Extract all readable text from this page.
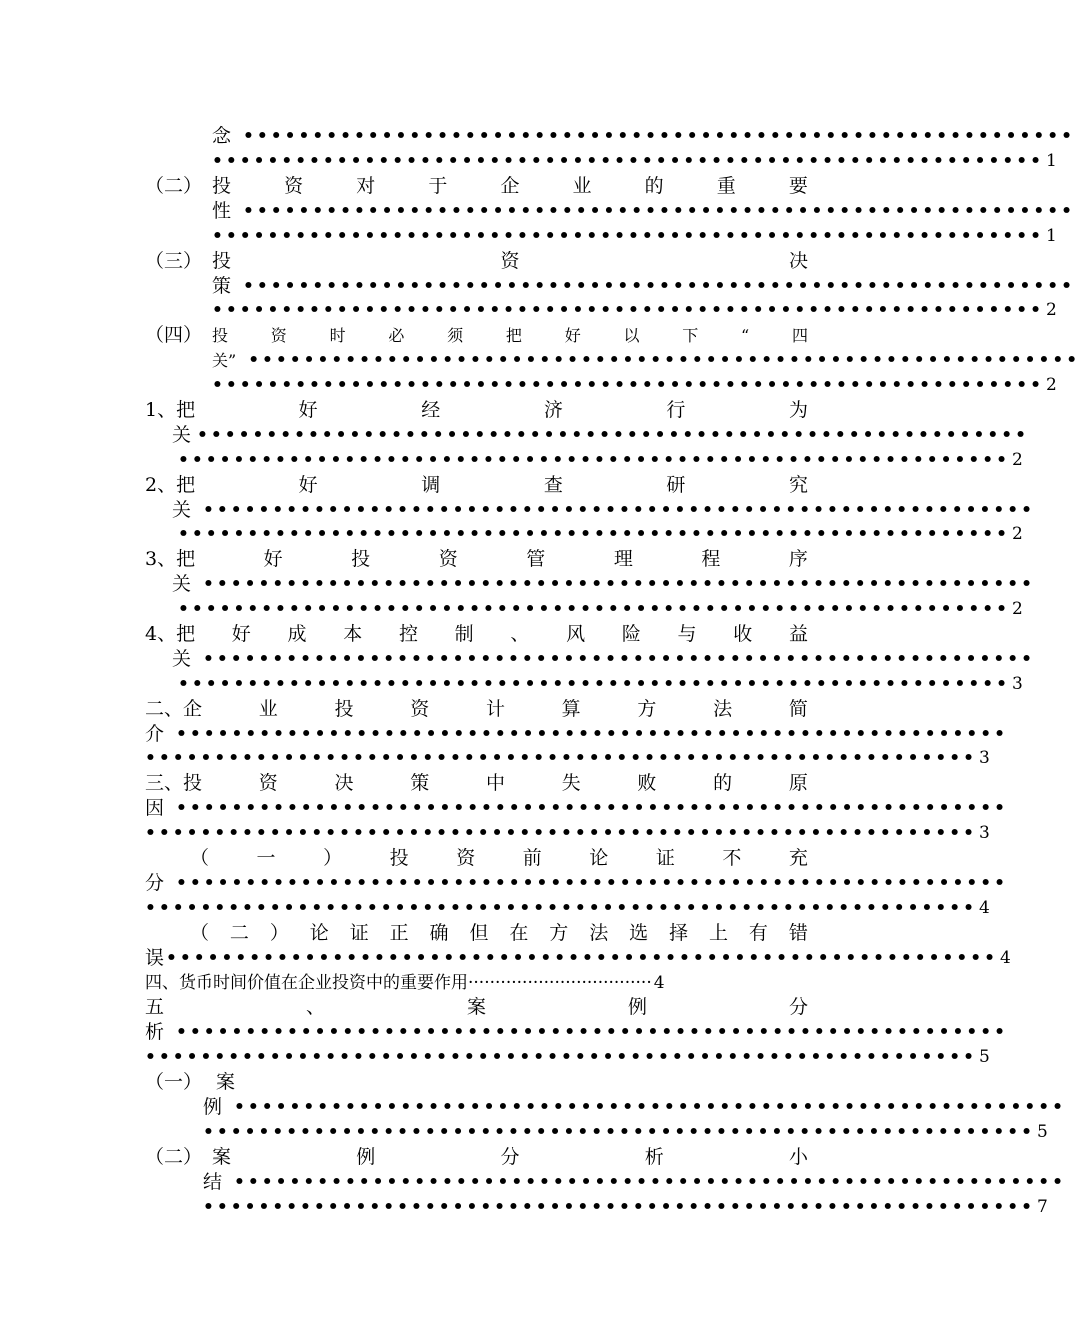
念 ••••••••••••••••••••••••••••••••••••••••••••••••••••••••••••
•••••••••••••••••••••••••••••••••••••••••••••••••••••••••••• 1
（二） 投	资	对	于	企	业	的	重	要
性 ••••••••••••••••••••••••••••••••••••••••••••••••••••••••••••
•••••••••••••••••••••••••••••••••••••••••••••••••••••••••••• 1
（三） 投	资	决
策 ••••••••••••••••••••••••••••••••••••••••••••••••••••••••••••
•••••••••••••••••••••••••••••••••••••••••••••••••••••••••••• 2
（四） 投	资	时	必	须	把	好	以	下	“	四
关” ••••••••••••••••••••••••••••••••••••••••••••••••••••••••••••
•••••••••••••••••••••••••••••••••••••••••••••••••••••••••••• 2
1、把	好	经	济	行	为
关 ••••••••••••••••••••••••••••••••••••••••••••••••••••••••••••
•••••••••••••••••••••••••••••••••••••••••••••••••••••••••••• 2
2、把	好	调	查	研	究
关 ••••••••••••••••••••••••••••••••••••••••••••••••••••••••••••
•••••••••••••••••••••••••••••••••••••••••••••••••••••••••••• 2
3、把	好	投	资	管	理	程	序
关 ••••••••••••••••••••••••••••••••••••••••••••••••••••••••••••
•••••••••••••••••••••••••••••••••••••••••••••••••••••••••••• 2
4、把 好 成 本 控 制 、 风 险 与 收 益
关 ••••••••••••••••••••••••••••••••••••••••••••••••••••••••••••
•••••••••••••••••••••••••••••••••••••••••••••••••••••••••••• 3
二、企	业	投	资	计	算	方	法	简
介 ••••••••••••••••••••••••••••••••••••••••••••••••••••••••••••
•••••••••••••••••••••••••••••••••••••••••••••••••••••••••••• 3
三、投	资	决	策	中	失	败	的	原
因 ••••••••••••••••••••••••••••••••••••••••••••••••••••••••••••
•••••••••••••••••••••••••••••••••••••••••••••••••••••••••••• 3
（	一	）	投	资	前	论	证	不	充
分 ••••••••••••••••••••••••••••••••••••••••••••••••••••••••••••
•••••••••••••••••••••••••••••••••••••••••••••••••••••••••••• 4
（ 二 ） 论 证 正 确 但 在 方 法 选 择 上 有 错
误 •••••••••••••••••••••••••••••••••••••••••••••••••••••••••••• 4
四、货币时间价值在企业投资中的重要作用 ·································· 4
五	、	案	例	分
析 ••••••••••••••••••••••••••••••••••••••••••••••••••••••••••••
•••••••••••••••••••••••••••••••••••••••••••••••••••••••••••• 5
（一） 案
例 ••••••••••••••••••••••••••••••••••••••••••••••••••••••••••••
•••••••••••••••••••••••••••••••••••••••••••••••••••••••••••• 5
（二） 案	例	分	析	小
结 ••••••••••••••••••••••••••••••••••••••••••••••••••••••••••••
•••••••••••••••••••••••••••••••••••••••••••••••••••••••••••• 7
